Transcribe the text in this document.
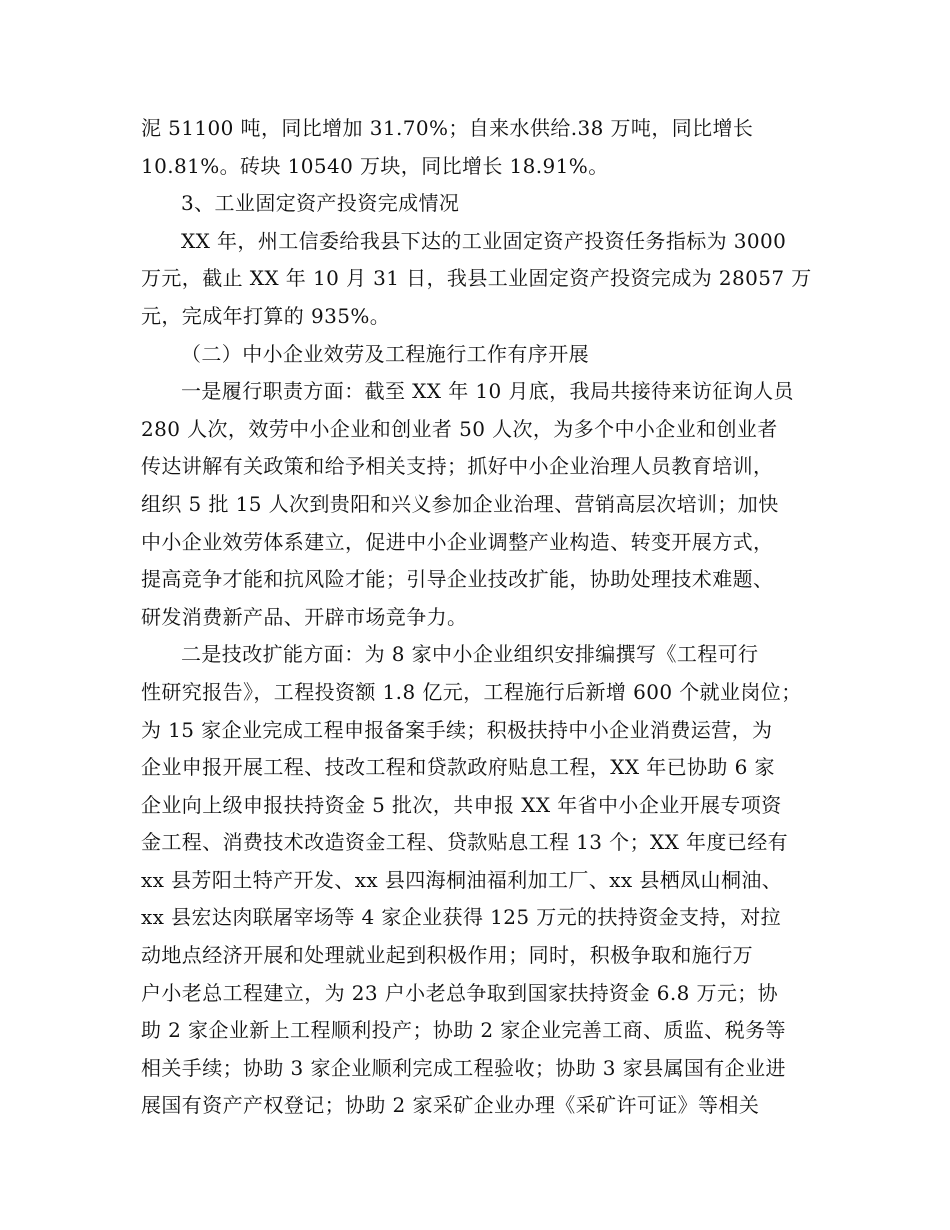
泥 51100 吨，同比增加 31.70%；自来水供给.38 万吨，同比增长
10.81%。砖块 10540 万块，同比增长 18.91%。
3、工业固定资产投资完成情况
XX 年，州工信委给我县下达的工业固定资产投资任务指标为 3000
万元，截止 XX 年 10 月 31 日，我县工业固定资产投资完成为 28057 万
元，完成年打算的 935%。
（二）中小企业效劳及工程施行工作有序开展
一是履行职责方面：截至 XX 年 10 月底，我局共接待来访征询人员
280 人次，效劳中小企业和创业者 50 人次，为多个中小企业和创业者
传达讲解有关政策和给予相关支持；抓好中小企业治理人员教育培训，
组织 5 批 15 人次到贵阳和兴义参加企业治理、营销高层次培训；加快
中小企业效劳体系建立，促进中小企业调整产业构造、转变开展方式，
提高竞争才能和抗风险才能；引导企业技改扩能，协助处理技术难题、
研发消费新产品、开辟市场竞争力。
二是技改扩能方面：为 8 家中小企业组织安排编撰写《工程可行
性研究报告》，工程投资额 1.8 亿元，工程施行后新增 600 个就业岗位；
为 15 家企业完成工程申报备案手续；积极扶持中小企业消费运营，为
企业申报开展工程、技改工程和贷款政府贴息工程，XX 年已协助 6 家
企业向上级申报扶持资金 5 批次，共申报 XX 年省中小企业开展专项资
金工程、消费技术改造资金工程、贷款贴息工程 13 个；XX 年度已经有
xx 县芳阳土特产开发、xx 县四海桐油福利加工厂、xx 县栖凤山桐油、
xx 县宏达肉联屠宰场等 4 家企业获得 125 万元的扶持资金支持，对拉
动地点经济开展和处理就业起到积极作用；同时，积极争取和施行万
户小老总工程建立，为 23 户小老总争取到国家扶持资金 6.8 万元；协
助 2 家企业新上工程顺利投产；协助 2 家企业完善工商、质监、税务等
相关手续；协助 3 家企业顺利完成工程验收；协助 3 家县属国有企业进
展国有资产产权登记；协助 2 家采矿企业办理《采矿许可证》等相关
